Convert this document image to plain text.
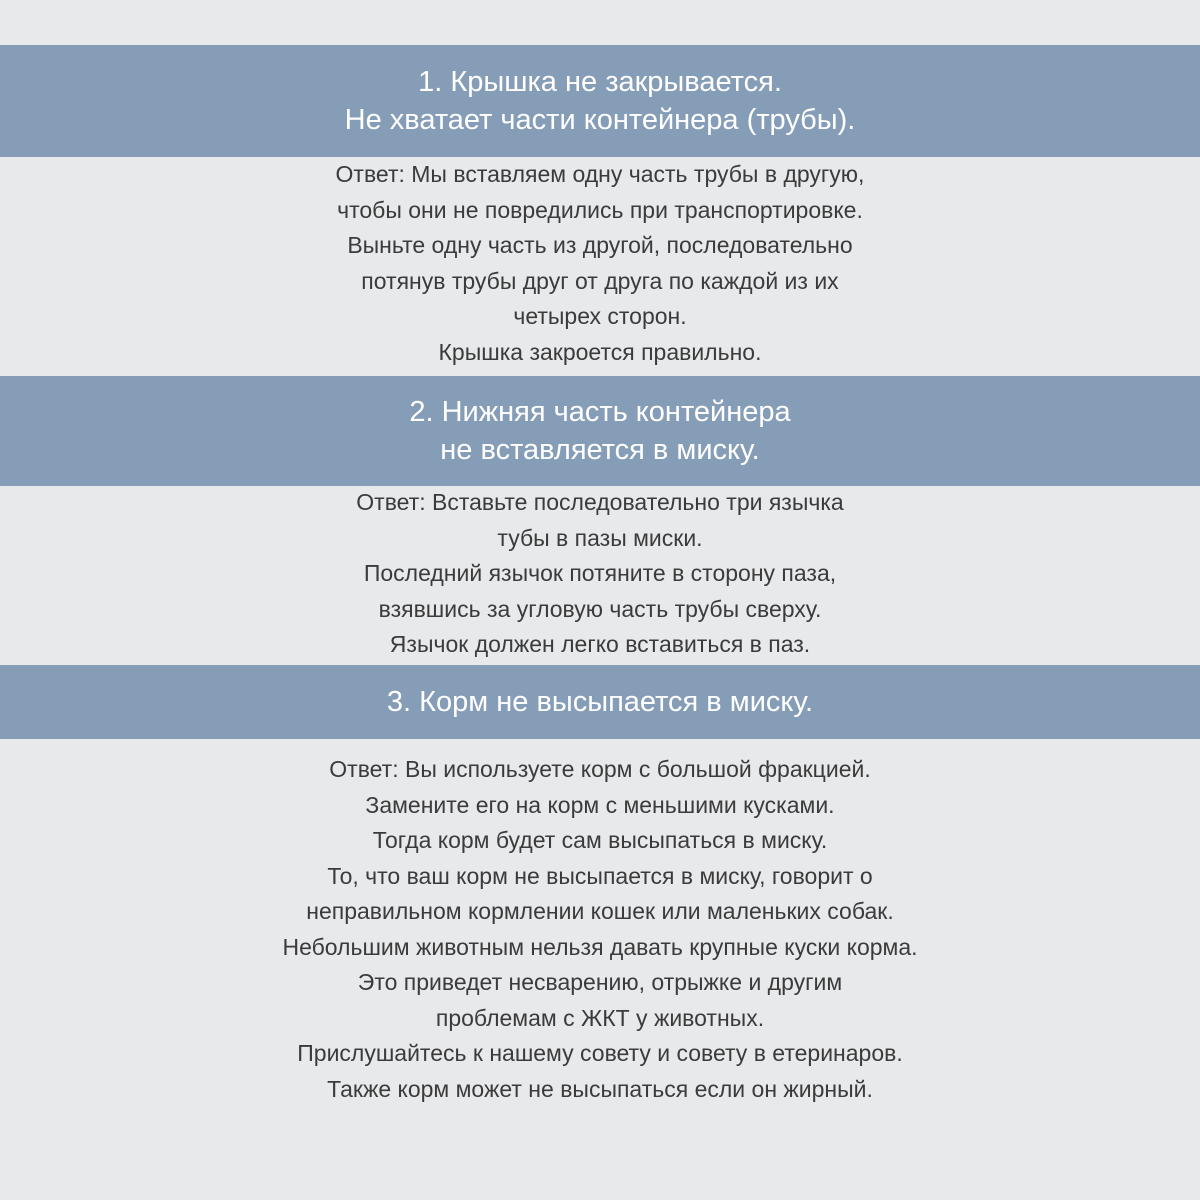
1. Крышка не закрывается.
Не хватает части контейнера (трубы).
Ответ: Мы вставляем одну часть трубы в другую,
чтобы они не повредились при транспортировке.
Выньте одну часть из другой, последовательно
потянув трубы друг от друга по каждой из их
четырех сторон.
Крышка закроется правильно.
2. Нижняя часть контейнера
не вставляется в миску.
Ответ: Вставьте последовательно три язычка
тубы в пазы миски.
Последний язычок потяните в сторону паза,
взявшись за угловую часть трубы сверху.
Язычок должен легко вставиться в паз.
3. Корм не высыпается в миску.
Ответ: Вы используете корм с большой фракцией.
Замените его на корм с меньшими кусками.
Тогда корм будет сам высыпаться в миску.
То, что ваш корм не высыпается в миску, говорит о
неправильном кормлении кошек или маленьких собак.
Небольшим животным нельзя давать крупные куски корма.
Это приведет несварению, отрыжке и другим
проблемам с ЖКТ у животных.
Прислушайтесь к нашему совету и совету в етеринаров.
Также корм может не высыпаться если он жирный.
